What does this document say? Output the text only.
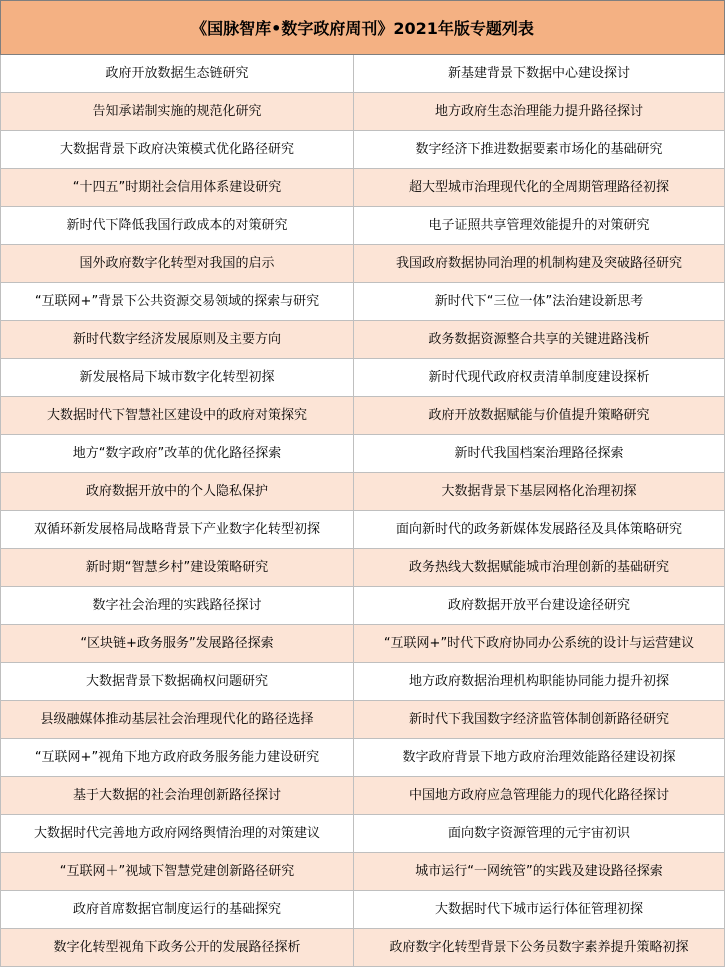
《国脉智库•数字政府周刊》2021年版专题列表
政府开放数据生态链研究	新基建背景下数据中心建设探讨
告知承诺制实施的规范化研究	地方政府生态治理能力提升路径探讨
大数据背景下政府决策模式优化路径研究	数字经济下推进数据要素市场化的基础研究
“十四五”时期社会信用体系建设研究	超大型城市治理现代化的全周期管理路径初探
新时代下降低我国行政成本的对策研究	电子证照共享管理效能提升的对策研究
国外政府数字化转型对我国的启示	我国政府数据协同治理的机制构建及突破路径研究
“互联网+”背景下公共资源交易领域的探索与研究	新时代下“三位一体”法治建设新思考
新时代数字经济发展原则及主要方向	政务数据资源整合共享的关键进路浅析
新发展格局下城市数字化转型初探	新时代现代政府权责清单制度建设探析
大数据时代下智慧社区建设中的政府对策探究	政府开放数据赋能与价值提升策略研究
地方“数字政府”改革的优化路径探索	新时代我国档案治理路径探索
政府数据开放中的个人隐私保护	大数据背景下基层网格化治理初探
双循环新发展格局战略背景下产业数字化转型初探	面向新时代的政务新媒体发展路径及具体策略研究
新时期“智慧乡村”建设策略研究	政务热线大数据赋能城市治理创新的基础研究
数字社会治理的实践路径探讨	政府数据开放平台建设途径研究
“区块链+政务服务”发展路径探索	“互联网+”时代下政府协同办公系统的设计与运营建议
大数据背景下数据确权问题研究	地方政府数据治理机构职能协同能力提升初探
县级融媒体推动基层社会治理现代化的路径选择	新时代下我国数字经济监管体制创新路径研究
“互联网+”视角下地方政府政务服务能力建设研究	数字政府背景下地方政府治理效能路径建设初探
基于大数据的社会治理创新路径探讨	中国地方政府应急管理能力的现代化路径探讨
大数据时代完善地方政府网络舆情治理的对策建议	面向数字资源管理的元宇宙初识
“互联网＋”视域下智慧党建创新路径研究	城市运行“一网统管”的实践及建设路径探索
政府首席数据官制度运行的基础探究	大数据时代下城市运行体征管理初探
数字化转型视角下政务公开的发展路径探析	政府数字化转型背景下公务员数字素养提升策略初探
